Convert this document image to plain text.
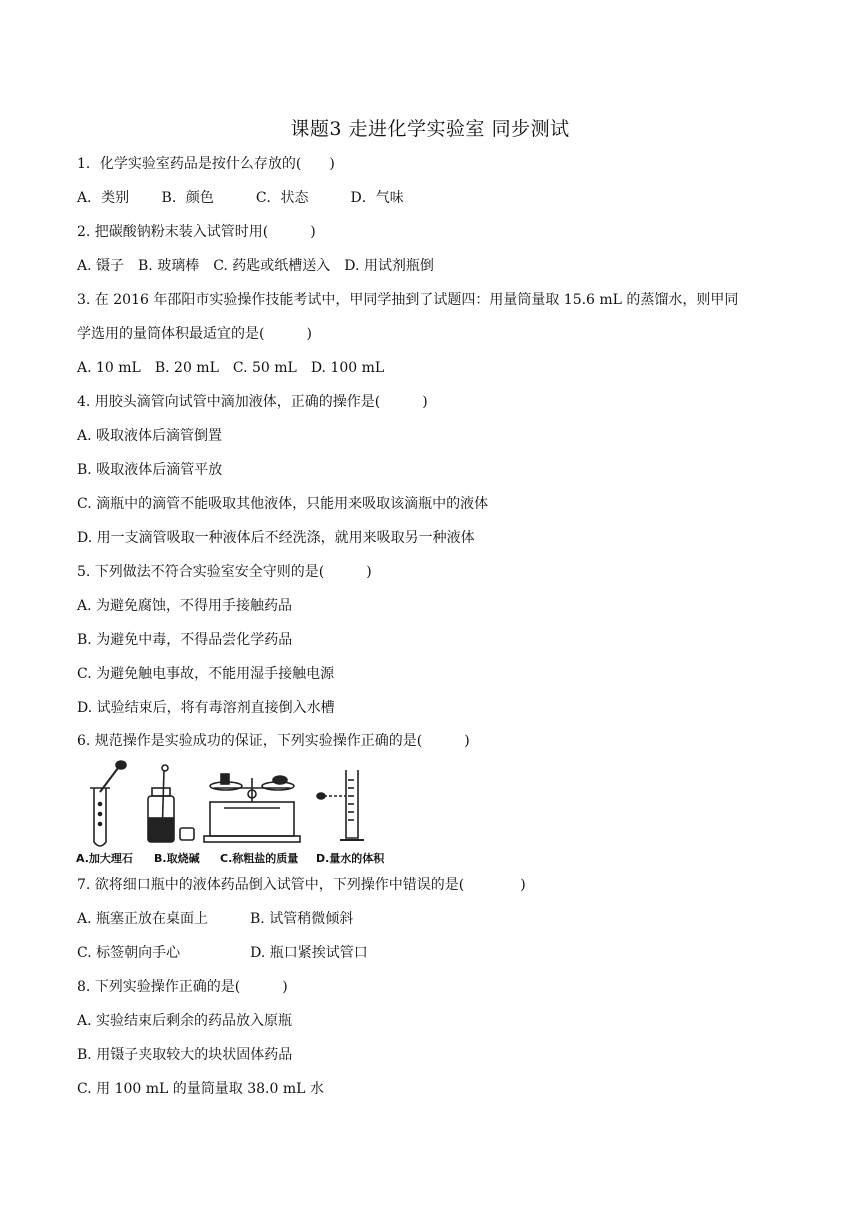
课题3 走进化学实验室 同步测试
1．化学实验室药品是按什么存放的(　　)
A．类别　　 B．颜色　　　C．状态　　　D．气味
2. 把碳酸钠粉末装入试管时用(　　　)
A. 镊子　B. 玻璃棒　C. 药匙或纸槽送入　D. 用试剂瓶倒
3. 在 2016 年邵阳市实验操作技能考试中，甲同学抽到了试题四：用量筒量取 15.6 mL 的蒸馏水，则甲同
学选用的量筒体积最适宜的是(　　　)
A. 10 mL　B. 20 mL　C. 50 mL　D. 100 mL
4. 用胶头滴管向试管中滴加液体，正确的操作是(　　　)
A. 吸取液体后滴管倒置
B. 吸取液体后滴管平放
C. 滴瓶中的滴管不能吸取其他液体，只能用来吸取该滴瓶中的液体
D. 用一支滴管吸取一种液体后不经洗涤，就用来吸取另一种液体
5. 下列做法不符合实验室安全守则的是(　　　)
A. 为避免腐蚀，不得用手接触药品
B. 为避免中毒，不得品尝化学药品
C. 为避免触电事故，不能用湿手接触电源
D. 试验结束后，将有毒溶剂直接倒入水槽
6. 规范操作是实验成功的保证，下列实验操作正确的是(　　　)
A.加大理石 B.取烧碱 C.称粗盐的质量 D.量水的体积
7. 欲将细口瓶中的液体药品倒入试管中，下列操作中错误的是(　　　　)
A. 瓶塞正放在桌面上　　　B. 试管稍微倾斜
C. 标签朝向手心　　　　　D. 瓶口紧挨试管口
8. 下列实验操作正确的是(　　　)
A. 实验结束后剩余的药品放入原瓶
B. 用镊子夹取较大的块状固体药品
C. 用 100 mL 的量筒量取 38.0 mL 水
